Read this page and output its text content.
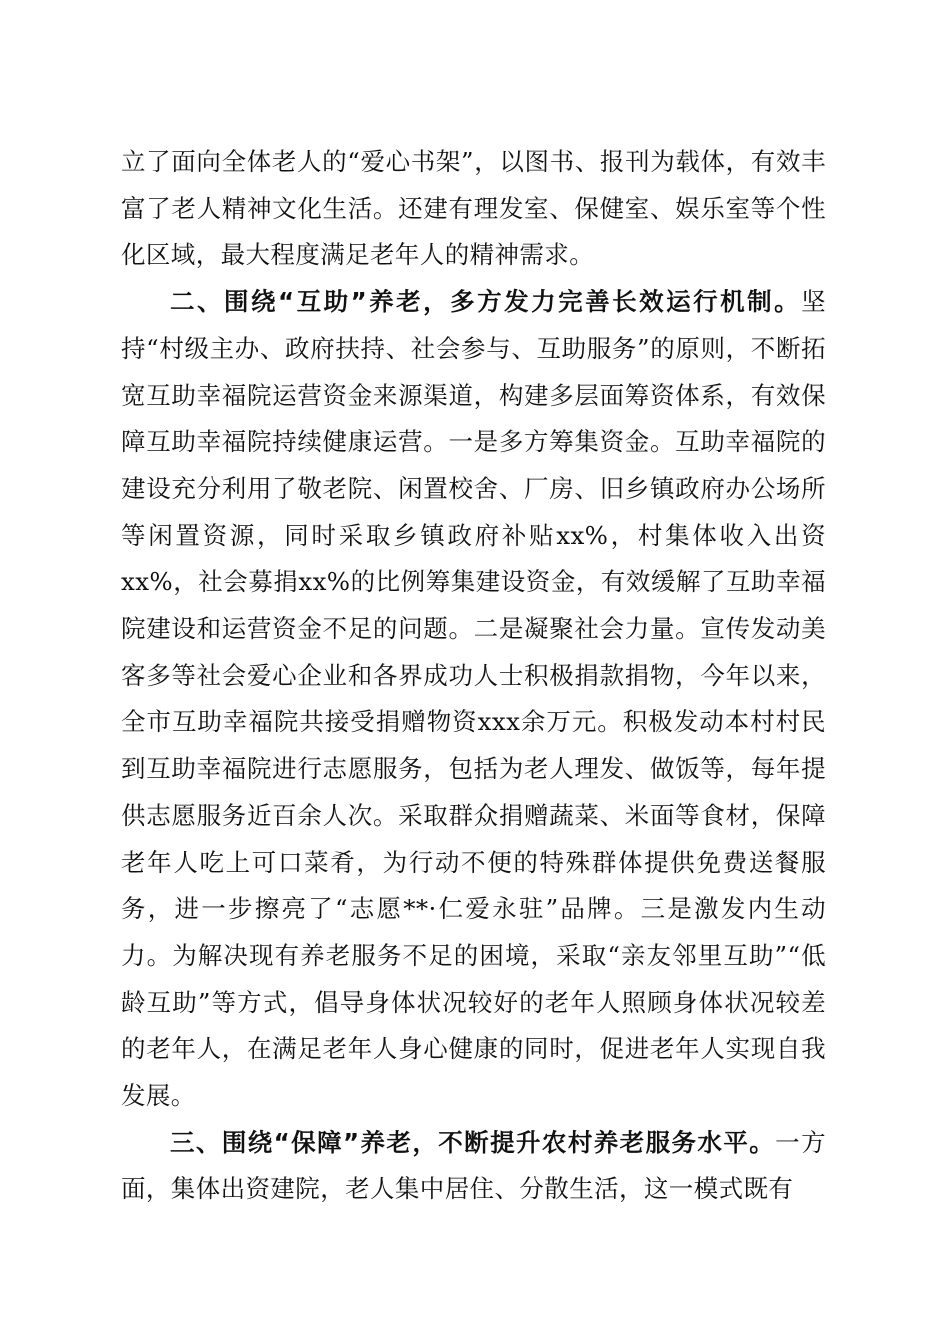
立了面向全体老人的“爱心书架”，以图书、报刊为载体，有效丰富了老人精神文化生活。还建有理发室、保健室、娱乐室等个性化区域，最大程度满足老年人的精神需求。

二、围绕“互助”养老，多方发力完善长效运行机制。坚持“村级主办、政府扶持、社会参与、互助服务”的原则，不断拓宽互助幸福院运营资金来源渠道，构建多层面筹资体系，有效保障互助幸福院持续健康运营。一是多方筹集资金。互助幸福院的建设充分利用了敬老院、闲置校舍、厂房、旧乡镇政府办公场所等闲置资源，同时采取乡镇政府补贴xx%，村集体收入出资xx%，社会募捐xx%的比例筹集建设资金，有效缓解了互助幸福院建设和运营资金不足的问题。二是凝聚社会力量。宣传发动美客多等社会爱心企业和各界成功人士积极捐款捐物，今年以来，全市互助幸福院共接受捐赠物资xxx余万元。积极发动本村村民到互助幸福院进行志愿服务，包括为老人理发、做饭等，每年提供志愿服务近百余人次。采取群众捐赠蔬菜、米面等食材，保障老年人吃上可口菜肴，为行动不便的特殊群体提供免费送餐服务，进一步擦亮了“志愿**·仁爱永驻”品牌。三是激发内生动力。为解决现有养老服务不足的困境，采取“亲友邻里互助”“低龄互助”等方式，倡导身体状况较好的老年人照顾身体状况较差的老年人，在满足老年人身心健康的同时，促进老年人实现自我发展。

三、围绕“保障”养老，不断提升农村养老服务水平。一方面，集体出资建院，老人集中居住、分散生活，这一模式既有
